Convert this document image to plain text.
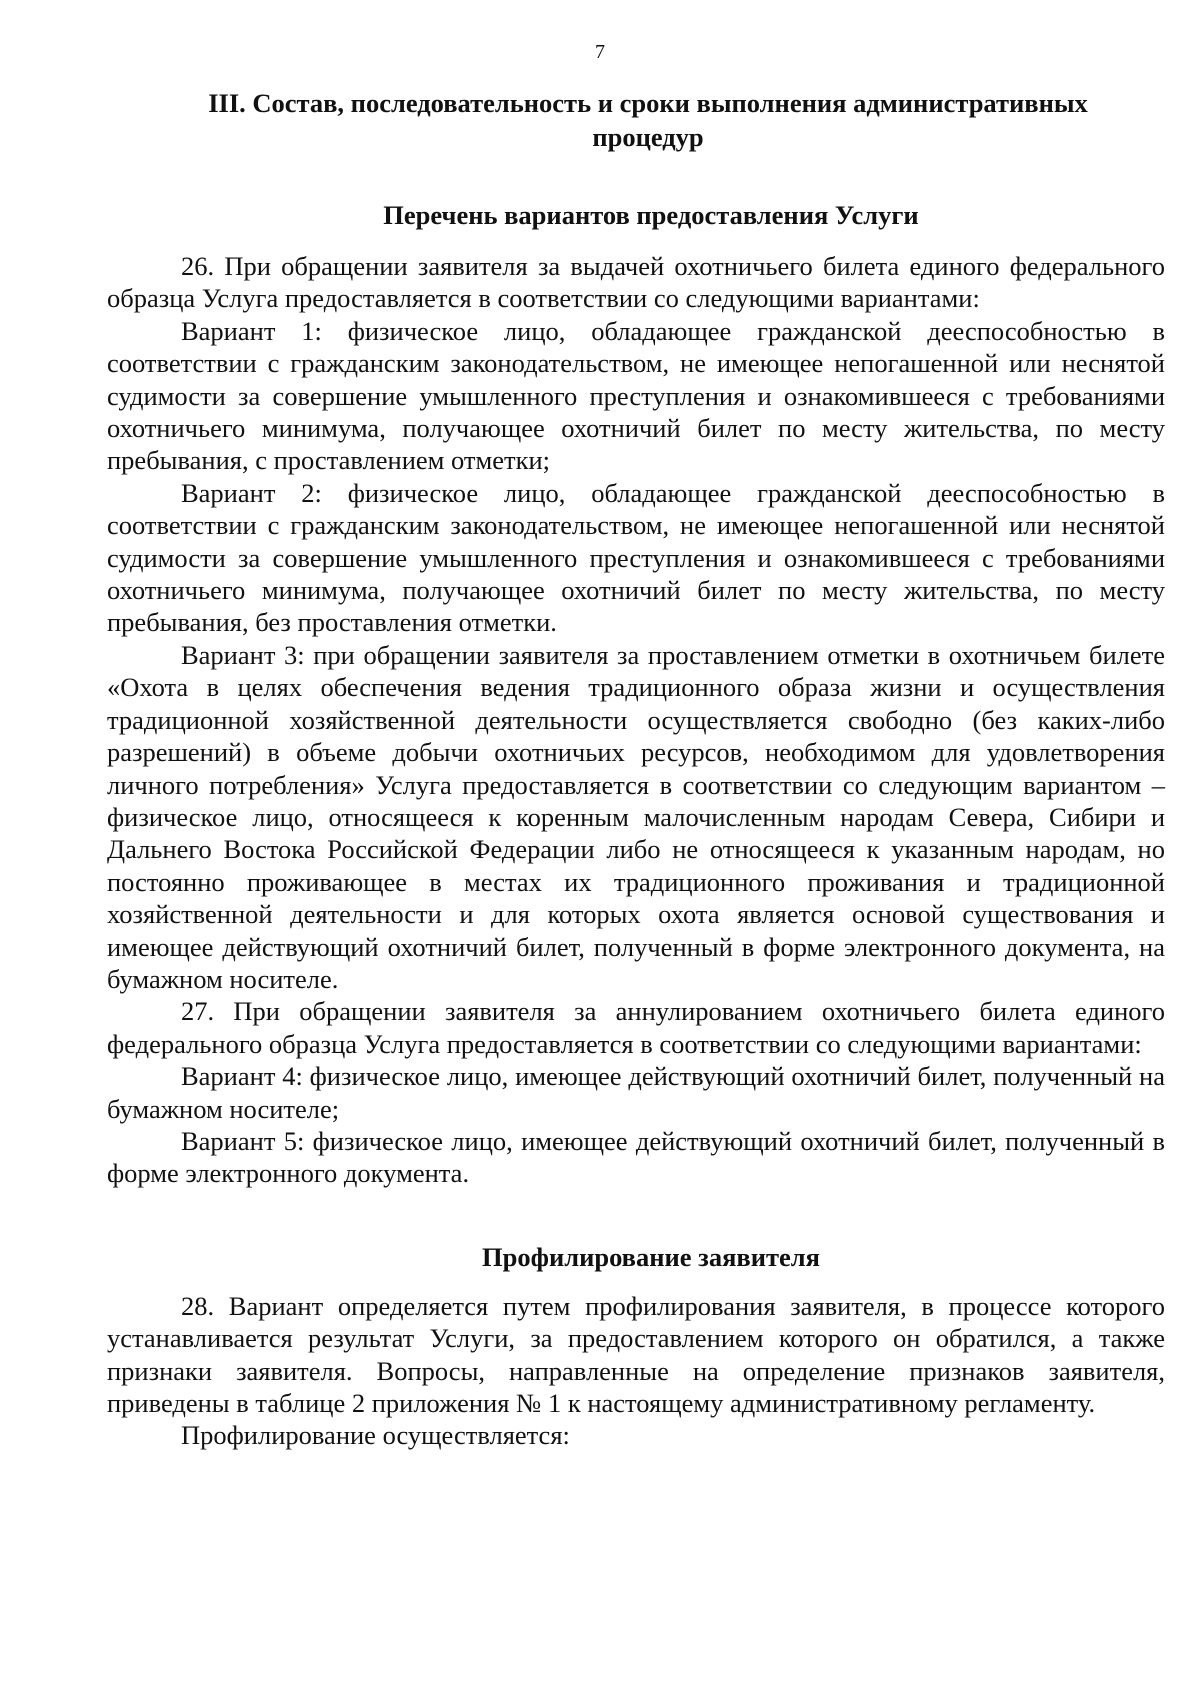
7

III. Состав, последовательность и сроки выполнения административных процедур
Перечень вариантов предоставления Услуги

26. При обращении заявителя за выдачей охотничьего билета единого федерального образца Услуга предоставляется в соответствии со следующими вариантами:

Вариант 1: физическое лицо, обладающее гражданской дееспособностью в соответствии с гражданским законодательством, не имеющее непогашенной или неснятой судимости за совершение умышленного преступления и ознакомившееся с требованиями охотничьего минимума, получающее охотничий билет по месту жительства, по месту пребывания, с проставлением отметки;

Вариант 2: физическое лицо, обладающее гражданской дееспособностью в соответствии с гражданским законодательством, не имеющее непогашенной или неснятой судимости за совершение умышленного преступления и ознакомившееся с требованиями охотничьего минимума, получающее охотничий билет по месту жительства, по месту пребывания, без проставления отметки.

Вариант 3: при обращении заявителя за проставлением отметки в охотничьем билете «Охота в целях обеспечения ведения традиционного образа жизни и осуществления традиционной хозяйственной деятельности осуществляется свободно (без каких-либо разрешений) в объеме добычи охотничьих ресурсов, необходимом для удовлетворения личного потребления» Услуга предоставляется в соответствии со следующим вариантом – физическое лицо, относящееся к коренным малочисленным народам Севера, Сибири и Дальнего Востока Российской Федерации либо не относящееся к указанным народам, но постоянно проживающее в местах их традиционного проживания и традиционной хозяйственной деятельности и для которых охота является основой существования и имеющее действующий охотничий билет, полученный в форме электронного документа, на бумажном носителе.

27. При обращении заявителя за аннулированием охотничьего билета единого федерального образца Услуга предоставляется в соответствии со следующими вариантами:

Вариант 4: физическое лицо, имеющее действующий охотничий билет, полученный на бумажном носителе;

Вариант 5: физическое лицо, имеющее действующий охотничий билет, полученный в форме электронного документа.

Профилирование заявителя

28. Вариант определяется путем профилирования заявителя, в процессе которого устанавливается результат Услуги, за предоставлением которого он обратился, а также признаки заявителя. Вопросы, направленные на определение признаков заявителя, приведены в таблице 2 приложения № 1 к настоящему административному регламенту.

Профилирование осуществляется:
